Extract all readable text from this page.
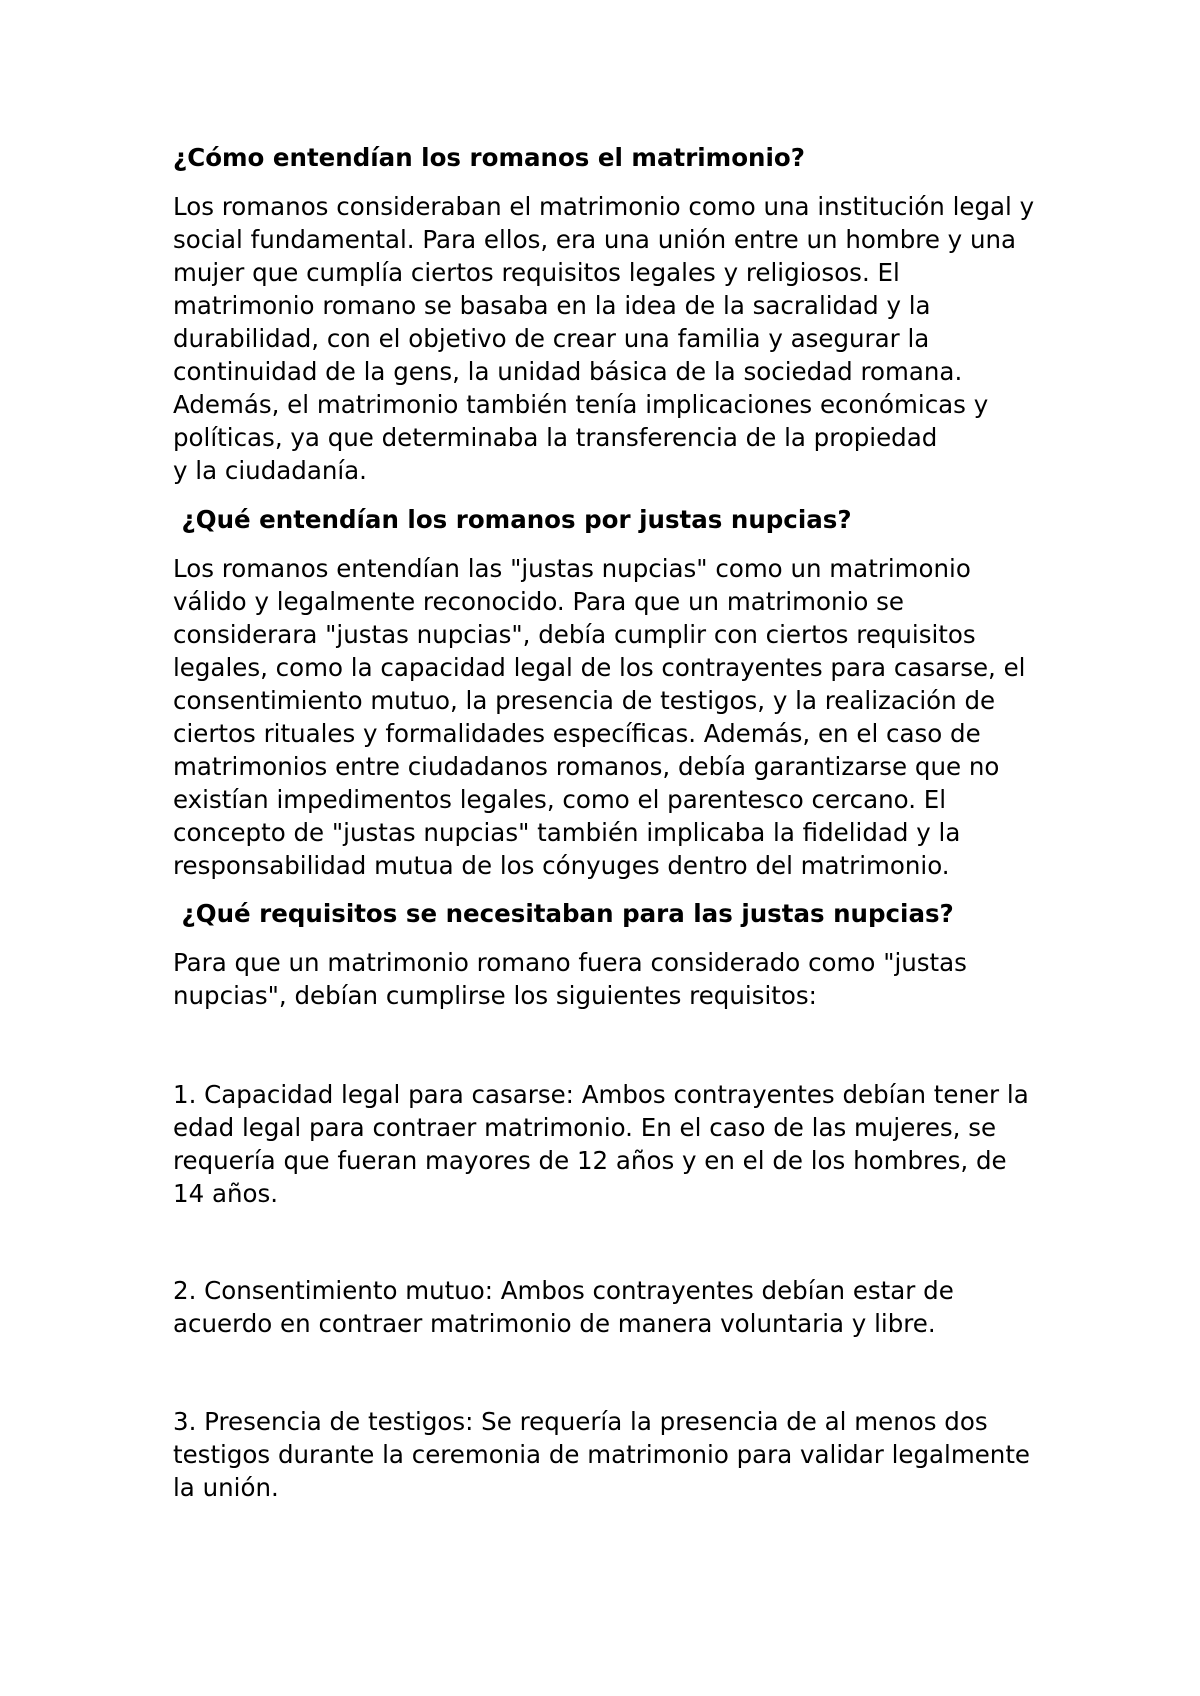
¿Cómo entendían los romanos el matrimonio?

Los romanos consideraban el matrimonio como una institución legal y

social fundamental. Para ellos, era una unión entre un hombre y una

mujer que cumplía ciertos requisitos legales y religiosos. El

matrimonio romano se basaba en la idea de la sacralidad y la

durabilidad, con el objetivo de crear una familia y asegurar la

continuidad de la gens, la unidad básica de la sociedad romana.

Además, el matrimonio también tenía implicaciones económicas y

políticas, ya que determinaba la transferencia de la propiedad

y la ciudadanía.

¿Qué entendían los romanos por justas nupcias?

Los romanos entendían las "justas nupcias" como un matrimonio

válido y legalmente reconocido. Para que un matrimonio se

considerara "justas nupcias", debía cumplir con ciertos requisitos

legales, como la capacidad legal de los contrayentes para casarse, el

consentimiento mutuo, la presencia de testigos, y la realización de

ciertos rituales y formalidades específicas. Además, en el caso de

matrimonios entre ciudadanos romanos, debía garantizarse que no

existían impedimentos legales, como el parentesco cercano. El

concepto de "justas nupcias" también implicaba la fidelidad y la

responsabilidad mutua de los cónyuges dentro del matrimonio.

¿Qué requisitos se necesitaban para las justas nupcias?

Para que un matrimonio romano fuera considerado como "justas

nupcias", debían cumplirse los siguientes requisitos:

1. Capacidad legal para casarse: Ambos contrayentes debían tener la

edad legal para contraer matrimonio. En el caso de las mujeres, se

requería que fueran mayores de 12 años y en el de los hombres, de

14 años.

2. Consentimiento mutuo: Ambos contrayentes debían estar de

acuerdo en contraer matrimonio de manera voluntaria y libre.

3. Presencia de testigos: Se requería la presencia de al menos dos

testigos durante la ceremonia de matrimonio para validar legalmente

la unión.
